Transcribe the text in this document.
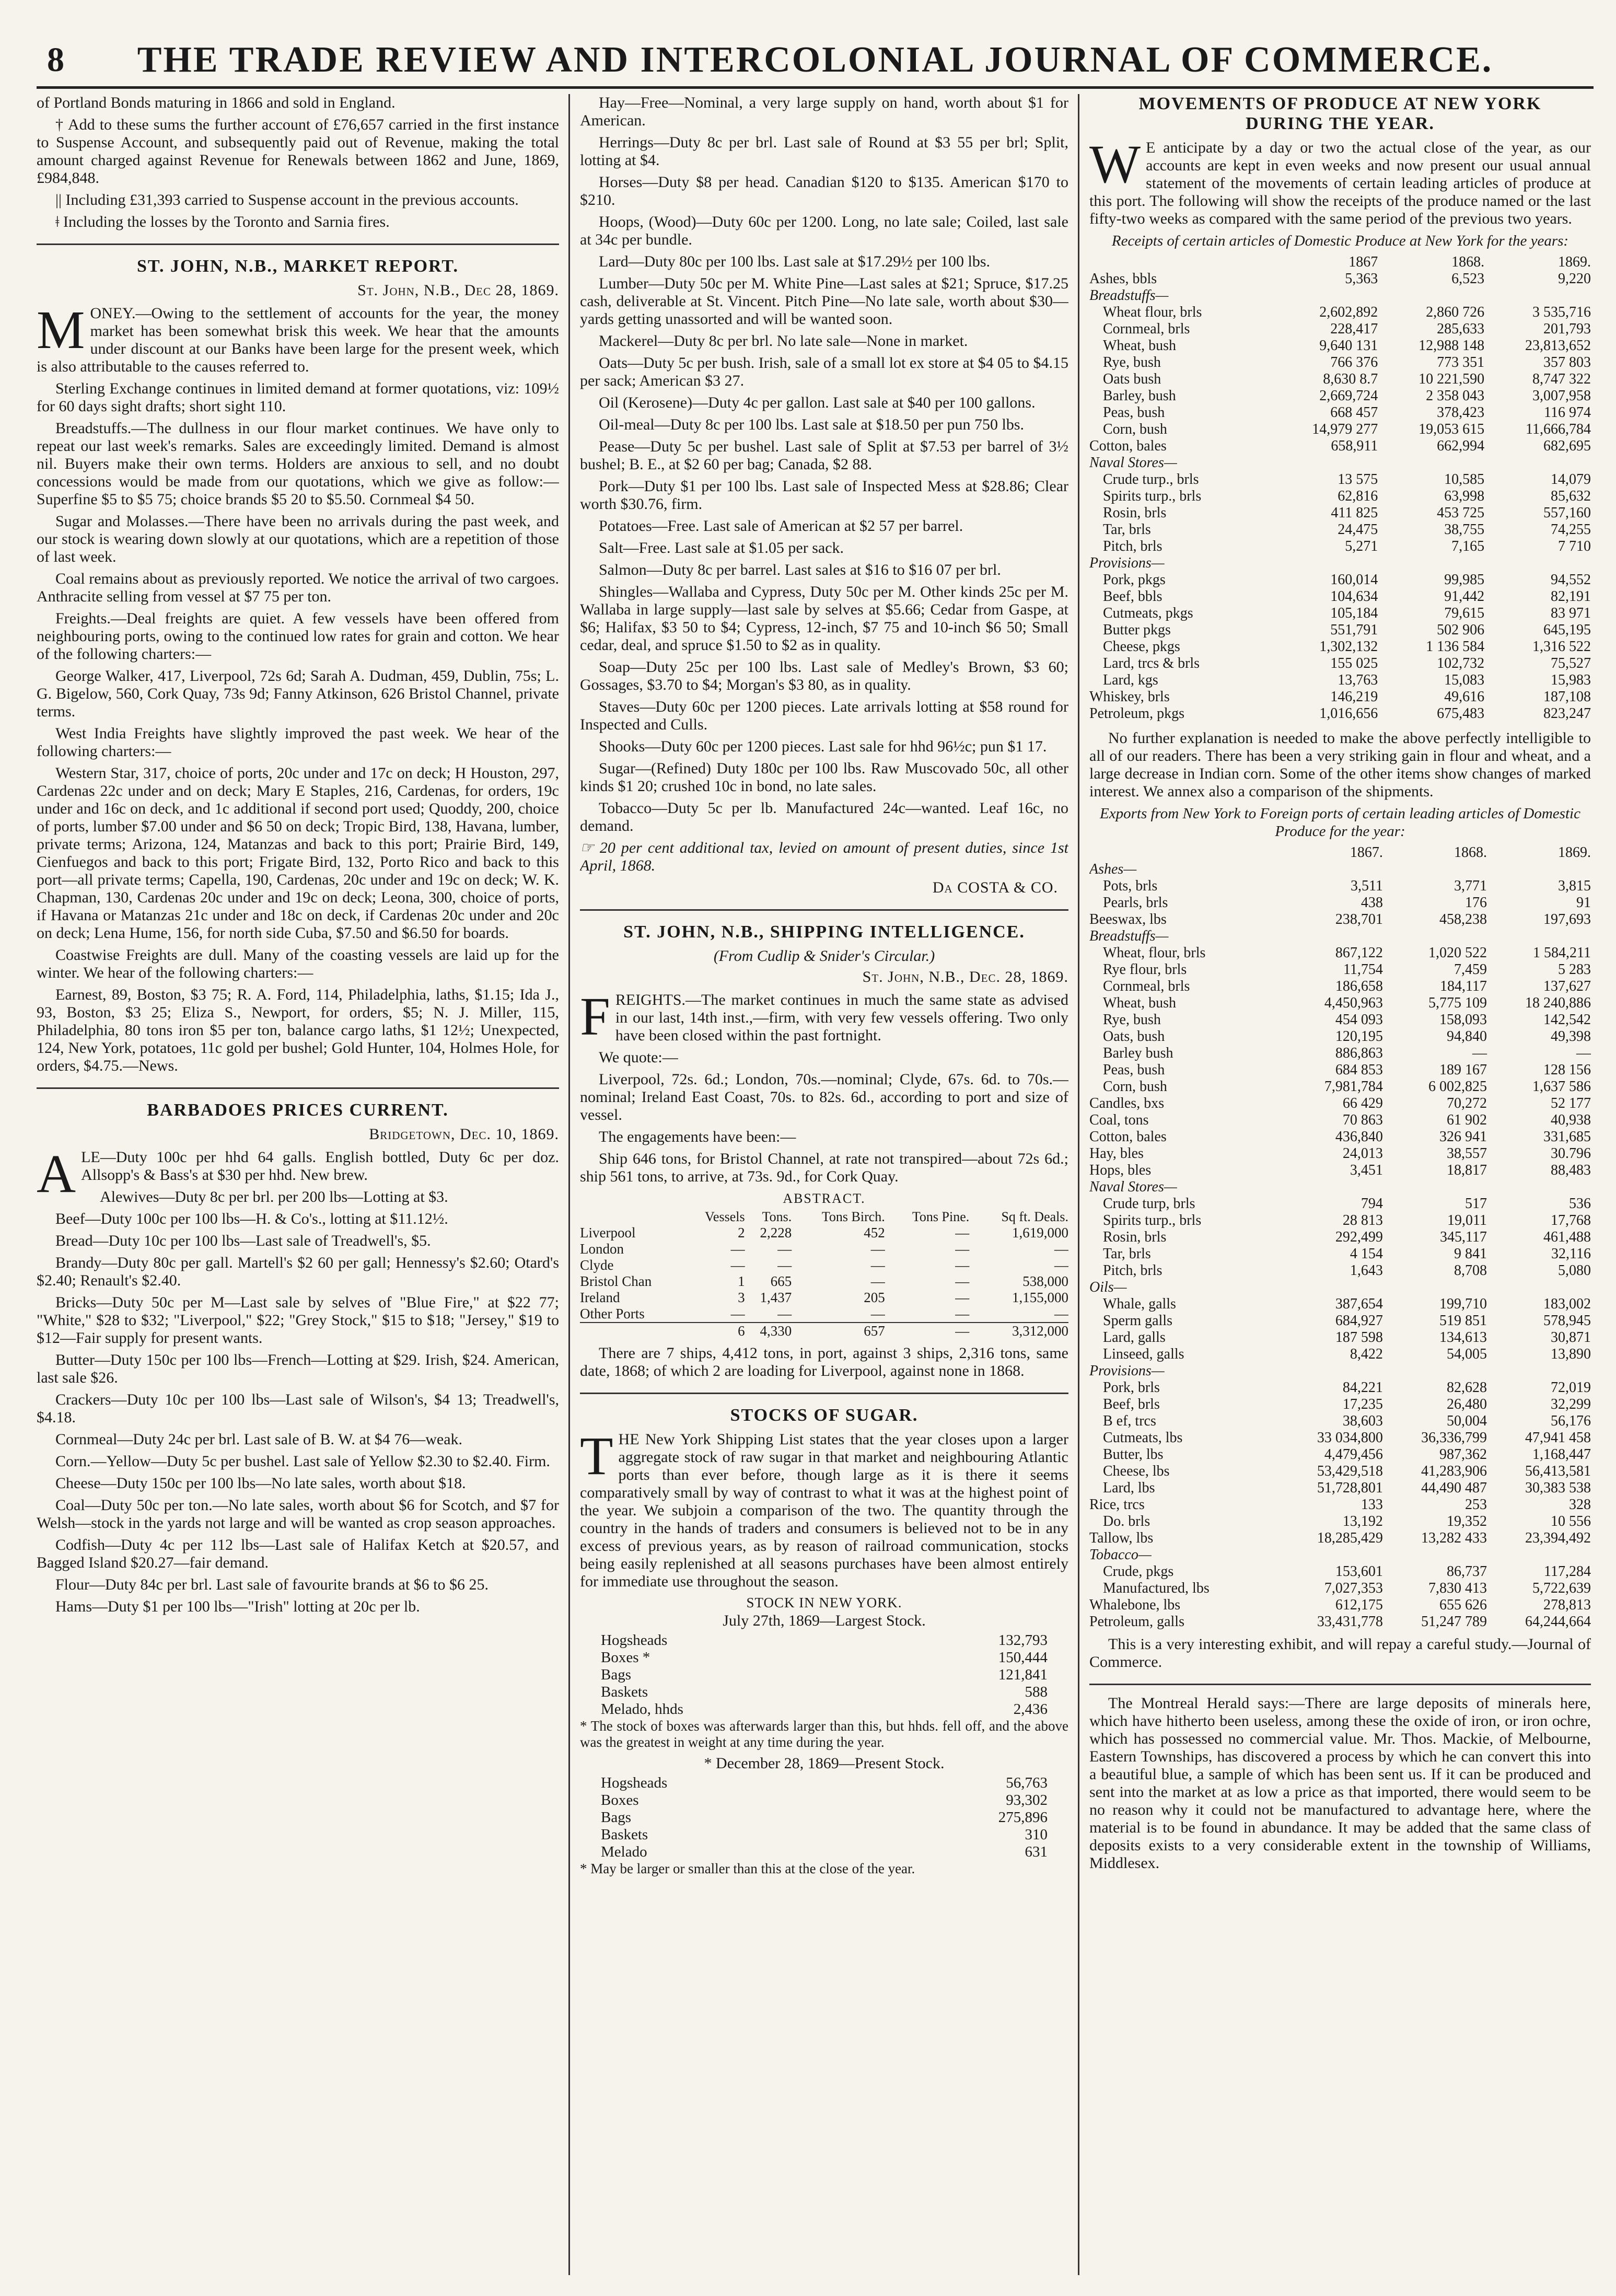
8	THE TRADE REVIEW AND INTERCOLONIAL JOURNAL OF COMMERCE.

of Portland Bonds maturing in 1866 and sold in England.

† Add to these sums the further account of £76,657 carried in the first instance to Suspense Account, and subsequently paid out of Revenue, making the total amount charged against Revenue for Renewals between 1862 and June, 1869, £984,848.

|| Including £31,393 carried to Suspense account in the previous accounts.

ǂ Including the losses by the Toronto and Sarnia fires.

ST. JOHN, N.B., MARKET REPORT.
St. John, N.B., Dec 28, 1869.

MONEY.—Owing to the settlement of accounts for the year, the money market has been somewhat brisk this week. We hear that the amounts under discount at our Banks have been large for the present week, which is also attributable to the causes referred to.

Sterling Exchange continues in limited demand at former quotations, viz: 109½ for 60 days sight drafts; short sight 110.

Breadstuffs.—The dullness in our flour market continues. We have only to repeat our last week's remarks. Sales are exceedingly limited. Demand is almost nil. Buyers make their own terms. Holders are anxious to sell, and no doubt concessions would be made from our quotations, which we give as follow:—Superfine $5 to $5 75; choice brands $5 20 to $5.50. Cornmeal $4 50.

Sugar and Molasses.—There have been no arrivals during the past week, and our stock is wearing down slowly at our quotations, which are a repetition of those of last week.

Coal remains about as previously reported. We notice the arrival of two cargoes. Anthracite selling from vessel at $7 75 per ton.

Freights.—Deal freights are quiet. A few vessels have been offered from neighbouring ports, owing to the continued low rates for grain and cotton. We hear of the following charters:—

George Walker, 417, Liverpool, 72s 6d; Sarah A. Dudman, 459, Dublin, 75s; L. G. Bigelow, 560, Cork Quay, 73s 9d; Fanny Atkinson, 626 Bristol Channel, private terms.

West India Freights have slightly improved the past week. We hear of the following charters:—

Western Star, 317, choice of ports, 20c under and 17c on deck; H Houston, 297, Cardenas 22c under and on deck; Mary E Staples, 216, Cardenas, for orders, 19c under and 16c on deck, and 1c additional if second port used; Quoddy, 200, choice of ports, lumber $7.00 under and $6 50 on deck; Tropic Bird, 138, Havana, lumber, private terms; Arizona, 124, Matanzas and back to this port; Prairie Bird, 149, Cienfuegos and back to this port; Frigate Bird, 132, Porto Rico and back to this port—all private terms; Capella, 190, Cardenas, 20c under and 19c on deck; W. K. Chapman, 130, Cardenas 20c under and 19c on deck; Leona, 300, choice of ports, if Havana or Matanzas 21c under and 18c on deck, if Cardenas 20c under and 20c on deck; Lena Hume, 156, for north side Cuba, $7.50 and $6.50 for boards.

Coastwise Freights are dull. Many of the coasting vessels are laid up for the winter. We hear of the following charters:—

Earnest, 89, Boston, $3 75; R. A. Ford, 114, Philadelphia, laths, $1.15; Ida J., 93, Boston, $3 25; Eliza S., Newport, for orders, $5; N. J. Miller, 115, Philadelphia, 80 tons iron $5 per ton, balance cargo laths, $1 12½; Unexpected, 124, New York, potatoes, 11c gold per bushel; Gold Hunter, 104, Holmes Hole, for orders, $4.75.—News.

BARBADOES PRICES CURRENT.
Bridgetown, Dec. 10, 1869.

ALE—Duty 100c per hhd 64 galls. English bottled, Duty 6c per doz. Allsopp's & Bass's at $30 per hhd. New brew.

Alewives—Duty 8c per brl. per 200 lbs—Lotting at $3.

Beef—Duty 100c per 100 lbs—H. & Co's., lotting at $11.12½.

Bread—Duty 10c per 100 lbs—Last sale of Treadwell's, $5.

Brandy—Duty 80c per gall. Martell's $2 60 per gall; Hennessy's $2.60; Otard's $2.40; Renault's $2.40.

Bricks—Duty 50c per M—Last sale by selves of "Blue Fire," at $22 77; "White," $28 to $32; "Liverpool," $22; "Grey Stock," $15 to $18; "Jersey," $19 to $12—Fair supply for present wants.

Butter—Duty 150c per 100 lbs—French—Lotting at $29. Irish, $24. American, last sale $26.

Crackers—Duty 10c per 100 lbs—Last sale of Wilson's, $4 13; Treadwell's, $4.18.

Cornmeal—Duty 24c per brl. Last sale of B. W. at $4 76—weak.

Corn.—Yellow—Duty 5c per bushel. Last sale of Yellow $2.30 to $2.40. Firm.

Cheese—Duty 150c per 100 lbs—No late sales, worth about $18.

Coal—Duty 50c per ton.—No late sales, worth about $6 for Scotch, and $7 for Welsh—stock in the yards not large and will be wanted as crop season approaches.

Codfish—Duty 4c per 112 lbs—Last sale of Halifax Ketch at $20.57, and Bagged Island $20.27—fair demand.

Flour—Duty 84c per brl. Last sale of favourite brands at $6 to $6 25.

Hams—Duty $1 per 100 lbs—"Irish" lotting at 20c per lb.

Hay—Free—Nominal, a very large supply on hand, worth about $1 for American.

Herrings—Duty 8c per brl. Last sale of Round at $3 55 per brl; Split, lotting at $4.

Horses—Duty $8 per head. Canadian $120 to $135. American $170 to $210.

Hoops, (Wood)—Duty 60c per 1200. Long, no late sale; Coiled, last sale at 34c per bundle.

Lard—Duty 80c per 100 lbs. Last sale at $17.29½ per 100 lbs.

Lumber—Duty 50c per M. White Pine—Last sales at $21; Spruce, $17.25 cash, deliverable at St. Vincent. Pitch Pine—No late sale, worth about $30—yards getting unassorted and will be wanted soon.

Mackerel—Duty 8c per brl. No late sale—None in market.

Oats—Duty 5c per bush. Irish, sale of a small lot ex store at $4 05 to $4.15 per sack; American $3 27.

Oil (Kerosene)—Duty 4c per gallon. Last sale at $40 per 100 gallons.

Oil-meal—Duty 8c per 100 lbs. Last sale at $18.50 per pun 750 lbs.

Pease—Duty 5c per bushel. Last sale of Split at $7.53 per barrel of 3½ bushel; B. E., at $2 60 per bag; Canada, $2 88.

Pork—Duty $1 per 100 lbs. Last sale of Inspected Mess at $28.86; Clear worth $30.76, firm.

Potatoes—Free. Last sale of American at $2 57 per barrel.

Salt—Free. Last sale at $1.05 per sack.

Salmon—Duty 8c per barrel. Last sales at $16 to $16 07 per brl.

Shingles—Wallaba and Cypress, Duty 50c per M. Other kinds 25c per M. Wallaba in large supply—last sale by selves at $5.66; Cedar from Gaspe, at $6; Halifax, $3 50 to $4; Cypress, 12-inch, $7 75 and 10-inch $6 50; Small cedar, deal, and spruce $1.50 to $2 as in quality.

Soap—Duty 25c per 100 lbs. Last sale of Medley's Brown, $3 60; Gossages, $3.70 to $4; Morgan's $3 80, as in quality.

Staves—Duty 60c per 1200 pieces. Late arrivals lotting at $58 round for Inspected and Culls.

Shooks—Duty 60c per 1200 pieces. Last sale for hhd 96½c; pun $1 17.

Sugar—(Refined) Duty 180c per 100 lbs. Raw Muscovado 50c, all other kinds $1 20; crushed 10c in bond, no late sales.

Tobacco—Duty 5c per lb. Manufactured 24c—wanted. Leaf 16c, no demand.

☞ 20 per cent additional tax, levied on amount of present duties, since 1st April, 1868.

Da COSTA & CO.
ST. JOHN, N.B., SHIPPING INTELLIGENCE.
(From Cudlip & Snider's Circular.)
St. John, N.B., Dec. 28, 1869.

FREIGHTS.—The market continues in much the same state as advised in our last, 14th inst.,—firm, with very few vessels offering. Two only have been closed within the past fortnight.

We quote:—

Liverpool, 72s. 6d.; London, 70s.—nominal; Clyde, 67s. 6d. to 70s.—nominal; Ireland East Coast, 70s. to 82s. 6d., according to port and size of vessel.

The engagements have been:—

Ship 646 tons, for Bristol Channel, at rate not transpired—about 72s 6d.; ship 561 tons, to arrive, at 73s. 9d., for Cork Quay.

ABSTRACT.
	Vessels	Tons.	Tons Birch.	Tons Pine.	Sq ft. Deals.
Liverpool	2	2,228	452	—	1,619,000
London	—	—	—	—	—
Clyde	—	—	—	—	—
Bristol Chan	1	665	—	—	538,000
Ireland	3	1,437	205	—	1,155,000
Other Ports	—	—	—	—	—
	6	4,330	657	—	3,312,000

There are 7 ships, 4,412 tons, in port, against 3 ships, 2,316 tons, same date, 1868; of which 2 are loading for Liverpool, against none in 1868.

STOCKS OF SUGAR.

THE New York Shipping List states that the year closes upon a larger aggregate stock of raw sugar in that market and neighbouring Atlantic ports than ever before, though large as it is there it seems comparatively small by way of contrast to what it was at the highest point of the year. We subjoin a comparison of the two. The quantity through the country in the hands of traders and consumers is believed not to be in any excess of previous years, as by reason of railroad communication, stocks being easily replenished at all seasons purchases have been almost entirely for immediate use throughout the season.

STOCK IN NEW YORK.
July 27th, 1869—Largest Stock.
Hogsheads	132,793
Boxes *	150,444
Bags	121,841
Baskets	588
Melado, hhds	2,436

* The stock of boxes was afterwards larger than this, but hhds. fell off, and the above was the greatest in weight at any time during the year.

* December 28, 1869—Present Stock.
Hogsheads	56,763
Boxes	93,302
Bags	275,896
Baskets	310
Melado	631

* May be larger or smaller than this at the close of the year.

MOVEMENTS OF PRODUCE AT NEW YORK
DURING THE YEAR.

W E anticipate by a day or two the actual close of the year, as our accounts are kept in even weeks and now present our usual annual statement of the movements of certain leading articles of produce at this port. The following will show the receipts of the produce named or the last fifty-two weeks as compared with the same period of the previous two years.

Receipts of certain articles of Domestic Produce at New York for the years:

	1867	1868.	1869.
Ashes, bbls	5,363	6,523	9,220
Breadstuffs—			
Wheat flour, brls	2,602,892	2,860 726	3 535,716
Cornmeal, brls	228,417	285,633	201,793
Wheat, bush	9,640 131	12,988 148	23,813,652
Rye, bush	766 376	773 351	357 803
Oats bush	8,630 8.7	10 221,590	8,747 322
Barley, bush	2,669,724	2 358 043	3,007,958
Peas, bush	668 457	378,423	116 974
Corn, bush	14,979 277	19,053 615	11,666,784
Cotton, bales	658,911	662,994	682,695
Naval Stores—			
Crude turp., brls	13 575	10,585	14,079
Spirits turp., brls	62,816	63,998	85,632
Rosin, brls	411 825	453 725	557,160
Tar, brls	24,475	38,755	74,255
Pitch, brls	5,271	7,165	7 710
Provisions—			
Pork, pkgs	160,014	99,985	94,552
Beef, bbls	104,634	91,442	82,191
Cutmeats, pkgs	105,184	79,615	83 971
Butter pkgs	551,791	502 906	645,195
Cheese, pkgs	1,302,132	1 136 584	1,316 522
Lard, trcs & brls	155 025	102,732	75,527
Lard, kgs	13,763	15,083	15,983
Whiskey, brls	146,219	49,616	187,108
Petroleum, pkgs	1,016,656	675,483	823,247

No further explanation is needed to make the above perfectly intelligible to all of our readers. There has been a very striking gain in flour and wheat, and a large decrease in Indian corn. Some of the other items show changes of marked interest. We annex also a comparison of the shipments.

Exports from New York to Foreign ports of certain leading articles of Domestic Produce for the year:

	1867.	1868.	1869.
Ashes—			
Pots, brls	3,511	3,771	3,815
Pearls, brls	438	176	91
Beeswax, lbs	238,701	458,238	197,693
Breadstuffs—			
Wheat, flour, brls	867,122	1,020 522	1 584,211
Rye flour, brls	11,754	7,459	5 283
Cornmeal, brls	186,658	184,117	137,627
Wheat, bush	4,450,963	5,775 109	18 240,886
Rye, bush	454 093	158,093	142,542
Oats, bush	120,195	94,840	49,398
Barley bush	886,863	—	—
Peas, bush	684 853	189 167	128 156
Corn, bush	7,981,784	6 002,825	1,637 586
Candles, bxs	66 429	70,272	52 177
Coal, tons	70 863	61 902	40,938
Cotton, bales	436,840	326 941	331,685
Hay, bles	24,013	38,557	30.796
Hops, bles	3,451	18,817	88,483
Naval Stores—			
Crude turp, brls	794	517	536
Spirits turp., brls	28 813	19,011	17,768
Rosin, brls	292,499	345,117	461,488
Tar, brls	4 154	9 841	32,116
Pitch, brls	1,643	8,708	5,080
Oils—			
Whale, galls	387,654	199,710	183,002
Sperm galls	684,927	519 851	578,945
Lard, galls	187 598	134,613	30,871
Linseed, galls	8,422	54,005	13,890
Provisions—			
Pork, brls	84,221	82,628	72,019
Beef, brls	17,235	26,480	32,299
B ef, trcs	38,603	50,004	56,176
Cutmeats, lbs	33 034,800	36,336,799	47,941 458
Butter, lbs	4,479,456	987,362	1,168,447
Cheese, lbs	53,429,518	41,283,906	56,413,581
Lard, lbs	51,728,801	44,490 487	30,383 538
Rice, trcs	133	253	328
Do. brls	13,192	19,352	10 556
Tallow, lbs	18,285,429	13,282 433	23,394,492
Tobacco—			
Crude, pkgs	153,601	86,737	117,284
Manufactured, lbs	7,027,353	7,830 413	5,722,639
Whalebone, lbs	612,175	655 626	278,813
Petroleum, galls	33,431,778	51,247 789	64,244,664

This is a very interesting exhibit, and will repay a careful study.—Journal of Commerce.

The Montreal Herald says:—There are large deposits of minerals here, which have hitherto been useless, among these the oxide of iron, or iron ochre, which has possessed no commercial value. Mr. Thos. Mackie, of Melbourne, Eastern Townships, has discovered a process by which he can convert this into a beautiful blue, a sample of which has been sent us. If it can be produced and sent into the market at as low a price as that imported, there would seem to be no reason why it could not be manufactured to advantage here, where the material is to be found in abundance. It may be added that the same class of deposits exists to a very considerable extent in the township of Williams, Middlesex.
